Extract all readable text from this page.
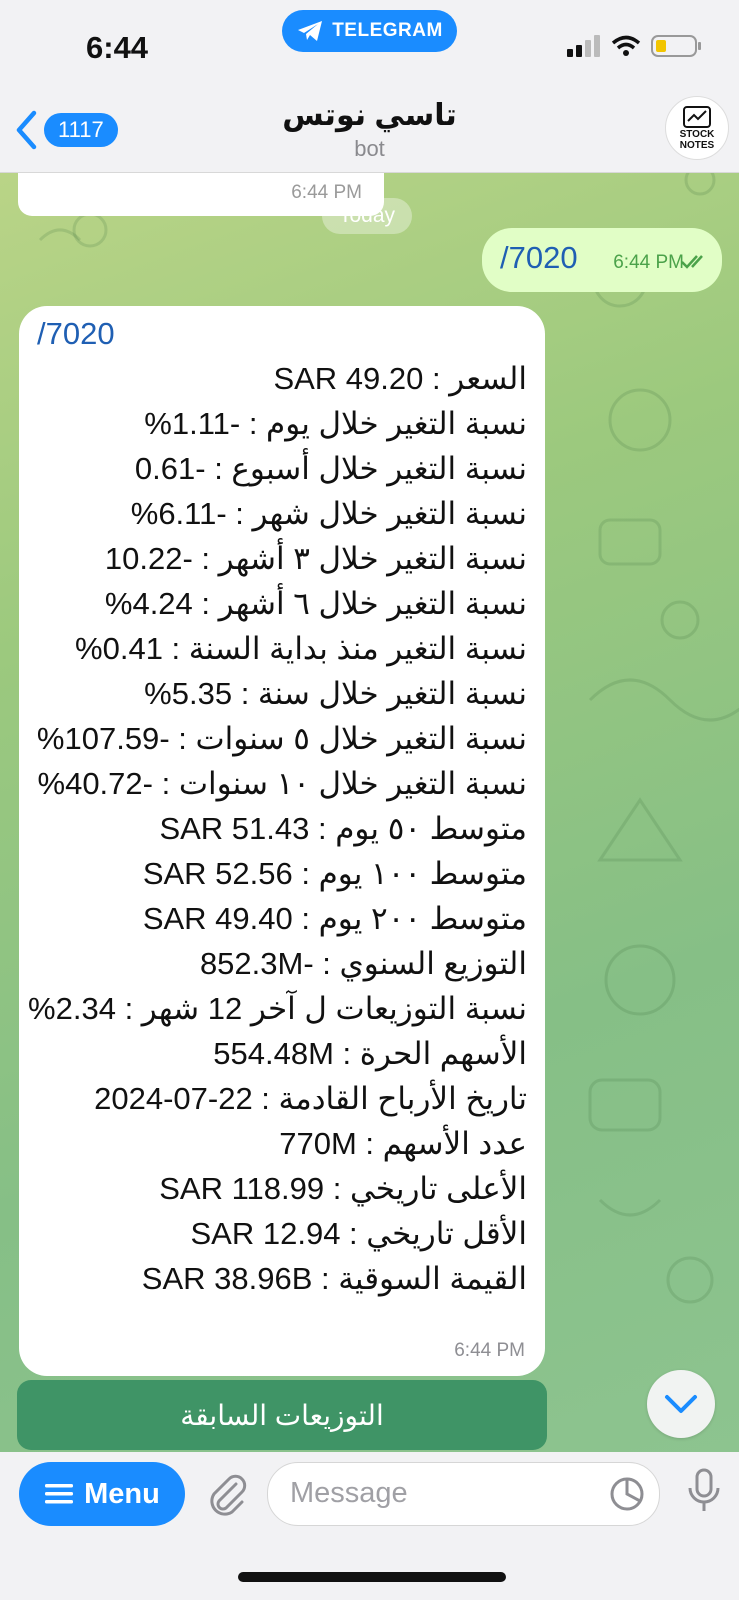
6:44	TELEGRAM
1117	تاسي نوتس
bot
STOCK
NOTES
6:44 PM
Today
/7020 6:44 PM
/7020
السعر : SAR 49.20
نسبة التغير خلال يوم : -1.11%
نسبة التغير خلال أسبوع : -0.61
نسبة التغير خلال شهر : -6.11%
نسبة التغير خلال ٣ أشهر : -10.22
نسبة التغير خلال ٦ أشهر : 4.24%
نسبة التغير منذ بداية السنة : 0.41%
نسبة التغير خلال سنة : 5.35%
نسبة التغير خلال ٥ سنوات : -107.59%
نسبة التغير خلال ١٠ سنوات : -40.72%
متوسط ٥٠ يوم : SAR 51.43
متوسط ١٠٠ يوم : SAR 52.56
متوسط ٢٠٠ يوم : SAR 49.40
التوزيع السنوي : -852.3M
نسبة التوزيعات ل آخر 12 شهر : 2.34%
الأسهم الحرة : 554.48M
تاريخ الأرباح القادمة : 22-07-2024
عدد الأسهم : 770M
الأعلى تاريخي : SAR 118.99
الأقل تاريخي : SAR 12.94
القيمة السوقية : SAR 38.96B
6:44 PM
التوزيعات السابقة
Menu	Message
